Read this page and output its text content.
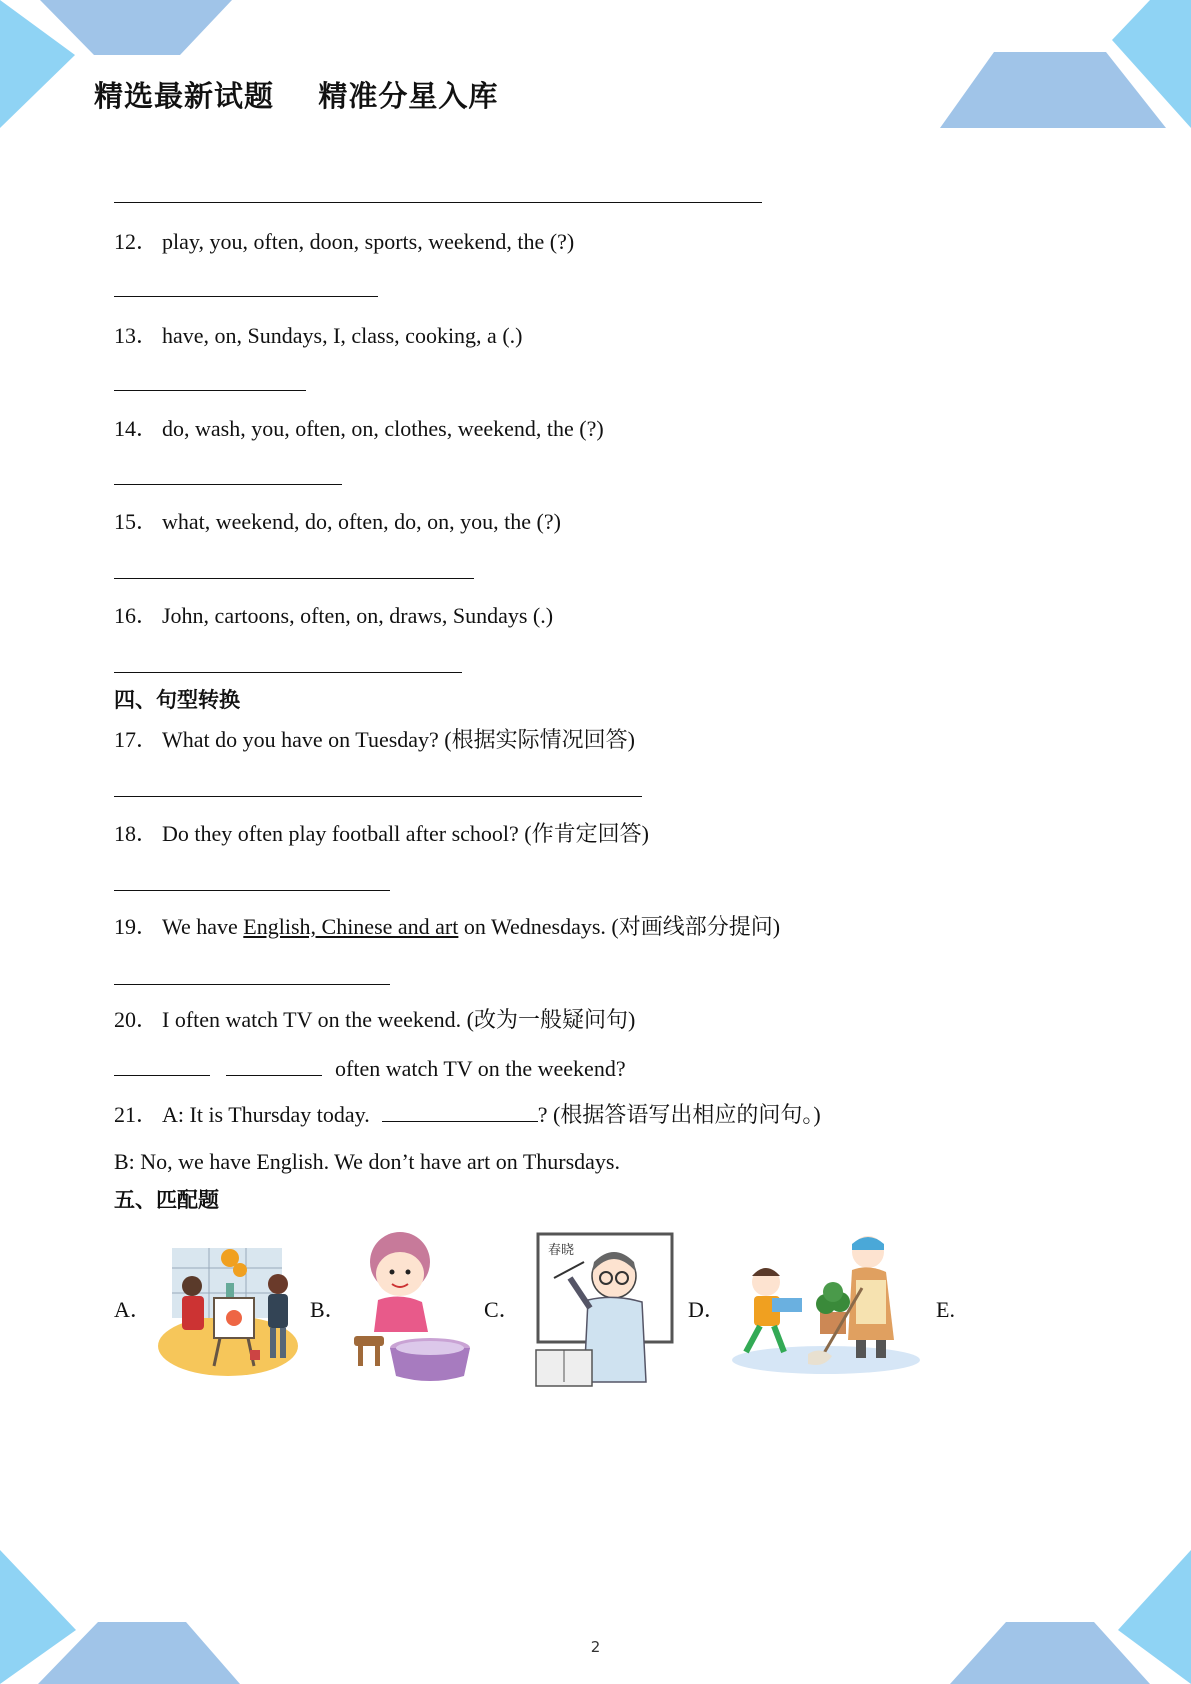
精选最新试题    精准分星入库
12． play, you, often, doon, sports, weekend, the (?)
13． have, on, Sundays, I, class, cooking, a (.)
14． do, wash, you, often, on, clothes, weekend, the (?)
15． what, weekend, do, often, do, on, you, the (?)
16． John, cartoons, often, on, draws, Sundays (.)
四、句型转换
17． What do you have on Tuesday? (根据实际情况回答)
18． Do they often play football after school? (作肯定回答)
19． We have English, Chinese and art on Wednesdays. (对画线部分提问)
20． I often watch TV on the weekend. (改为一般疑问句)
often watch TV on the weekend?
21． A: It is Thursday today.	? (根据答语写出相应的问句。)
B: No, we have English. We don’t have art on Thursdays.
五、匹配题
A．	B．	C．
春晓
D．	E.
2
